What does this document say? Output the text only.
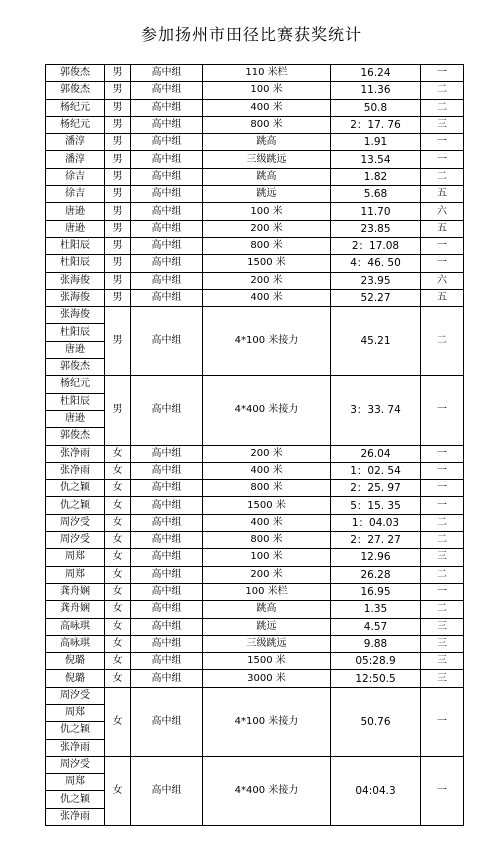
参加扬州市田径比赛获奖统计
郭俊杰	男	高中组	110 米栏	16.24	一
郭俊杰	男	高中组	100 米	11.36	二
杨纪元	男	高中组	400 米	50.8	二
杨纪元	男	高中组	800 米	2：17. 76	三
潘淳	男	高中组	跳高	1.91	一
潘淳	男	高中组	三级跳远	13.54	一
徐吉	男	高中组	跳高	1.82	二
徐吉	男	高中组	跳远	5.68	五
唐逊	男	高中组	100 米	11.70	六
唐逊	男	高中组	200 米	23.85	五
杜阳辰	男	高中组	800 米	2：17.08	一
杜阳辰	男	高中组	1500 米	4：46. 50	一
张海俊	男	高中组	200 米	23.95	六
张海俊	男	高中组	400 米	52.27	五
张海俊	男	高中组	4*100 米接力	45.21	二
杜阳辰					
唐逊					
郭俊杰					
杨纪元	男	高中组	4*400 米接力	3：33. 74	一
杜阳辰					
唐逊					
郭俊杰					
张净雨	女	高中组	200 米	26.04	一
张净雨	女	高中组	400 米	1：02. 54	一
仇之颖	女	高中组	800 米	2：25. 97	一
仇之颖	女	高中组	1500 米	5：15. 35	一
周汐受	女	高中组	400 米	1：04.03	二
周汐受	女	高中组	800 米	2：27. 27	二
周郑	女	高中组	100 米	12.96	三
周郑	女	高中组	200 米	26.28	二
龚舟娴	女	高中组	100 米栏	16.95	一
龚舟娴	女	高中组	跳高	1.35	二
高咏琪	女	高中组	跳远	4.57	三
高咏琪	女	高中组	三级跳远	9.88	三
倪璐	女	高中组	1500 米	05:28.9	三
倪璐	女	高中组	3000 米	12:50.5	三
周汐受	女	高中组	4*100 米接力	50.76	一
周郑					
仇之颖					
张净雨					
周汐受	女	高中组	4*400 米接力	04:04.3	一
周郑					
仇之颖					
张净雨					
